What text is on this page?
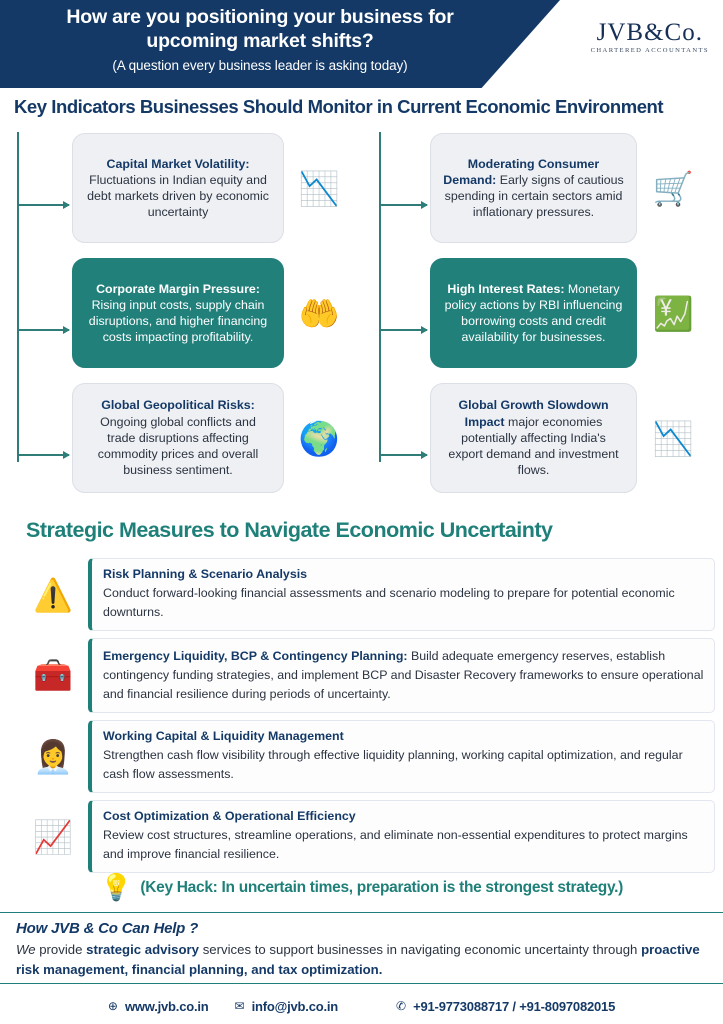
How are you positioning your business for
upcoming market shifts?
(A question every business leader is asking today)
JVB&Co.
CHARTERED ACCOUNTANTS
Key Indicators Businesses Should Monitor in Current Economic Environment
Capital Market Volatility: Fluctuations in Indian equity and debt markets driven by economic uncertainty
📉
Corporate Margin Pressure: Rising input costs, supply chain disruptions, and higher financing costs impacting profitability.
🤲
Global Geopolitical Risks: Ongoing global conflicts and trade disruptions affecting commodity prices and overall business sentiment.
🌍
Moderating Consumer Demand: Early signs of cautious spending in certain sectors amid inflationary pressures.
🛒
High Interest Rates: Monetary policy actions by RBI influencing borrowing costs and credit availability for businesses.
💹
Global Growth Slowdown Impact major economies potentially affecting India's export demand and investment flows.
📉
Strategic Measures to Navigate Economic Uncertainty
⚠️
Risk Planning & Scenario Analysis
Conduct forward-looking financial assessments and scenario modeling to prepare for potential economic downturns.
🧰
Emergency Liquidity, BCP & Contingency Planning: Build adequate emergency reserves, establish contingency funding strategies, and implement BCP and Disaster Recovery frameworks to ensure operational and financial resilience during periods of uncertainty.
👩‍💼
Working Capital & Liquidity Management
Strengthen cash flow visibility through effective liquidity planning, working capital optimization, and regular cash flow assessments.
📈
Cost Optimization & Operational Efficiency
Review cost structures, streamline operations, and eliminate non-essential expenditures to protect margins and improve financial resilience.
💡 (Key Hack: In uncertain times, preparation is the strongest strategy.)
How JVB & Co Can Help ?
We provide strategic advisory services to support businesses in navigating economic uncertainty through proactive risk management, financial planning, and tax optimization.
⊕ www.jvb.co.in ✉ info@jvb.co.in	✆ +91-9773088717 / +91-8097082015
